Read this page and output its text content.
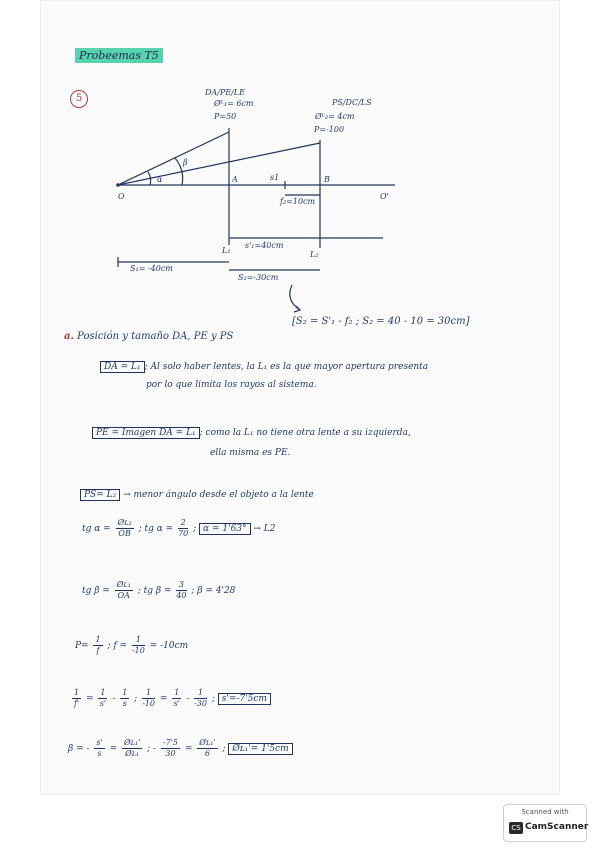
Probeemas T5
5
DA/PE/LE
Øᴸ₁= 6cm
P=50
PS/DC/LS
Øᴸ₂= 4cm
P=-100
β
α	A	B
O	O'
s1
f₂=10cm
s'₁=40cm
L₁	L₂
S₁= -40cm
S₂=-30cm
[S₂ = S'₁ - f₂ ; S₂ = 40 - 10 = 30cm]
a. Posición y tamaño DA, PE y PS
DA = L₁ ; Al solo haber lentes, la L₁ es la que mayor apertura presenta
por lo que limita los rayos al sistema.
PE = Imagen DA = L₁ ; como la L₁ no tiene otra lente a su izquierda,
ella misma es PE.
PS= L₂ → menor ángulo desde el objeto a la lente
tg $\alpha = \frac{\text{Øʟ₂}}{OB}$ ; tg $\alpha = \frac{2}{70}$ ; α = 1'63° → L2
tg $\beta = \frac{\text{Øʟ₁}}{OA}$ ; tg $\beta = \frac{3}{40}$ ; β = 4'28
$P= \frac{1}{f}$ ; $f = \frac{1}{-10} = -10cm$
$\frac{1}{f'} = \frac{1}{s'} - \frac{1}{s}$ ; $\frac{1}{-10} = \frac{1}{s'} - \frac{1}{-30}$ ; s'=-7'5cm
β = - $\frac{s'}{s} = \frac{\text{Øʟ₁'}}{\text{Øʟ₁}}$ ; - $\frac{-7'5}{30} = \frac{\text{Øʟ₁'}}{6}$ ; Øʟ₁'= 1'5cm
Scanned with
CS CamScanner
